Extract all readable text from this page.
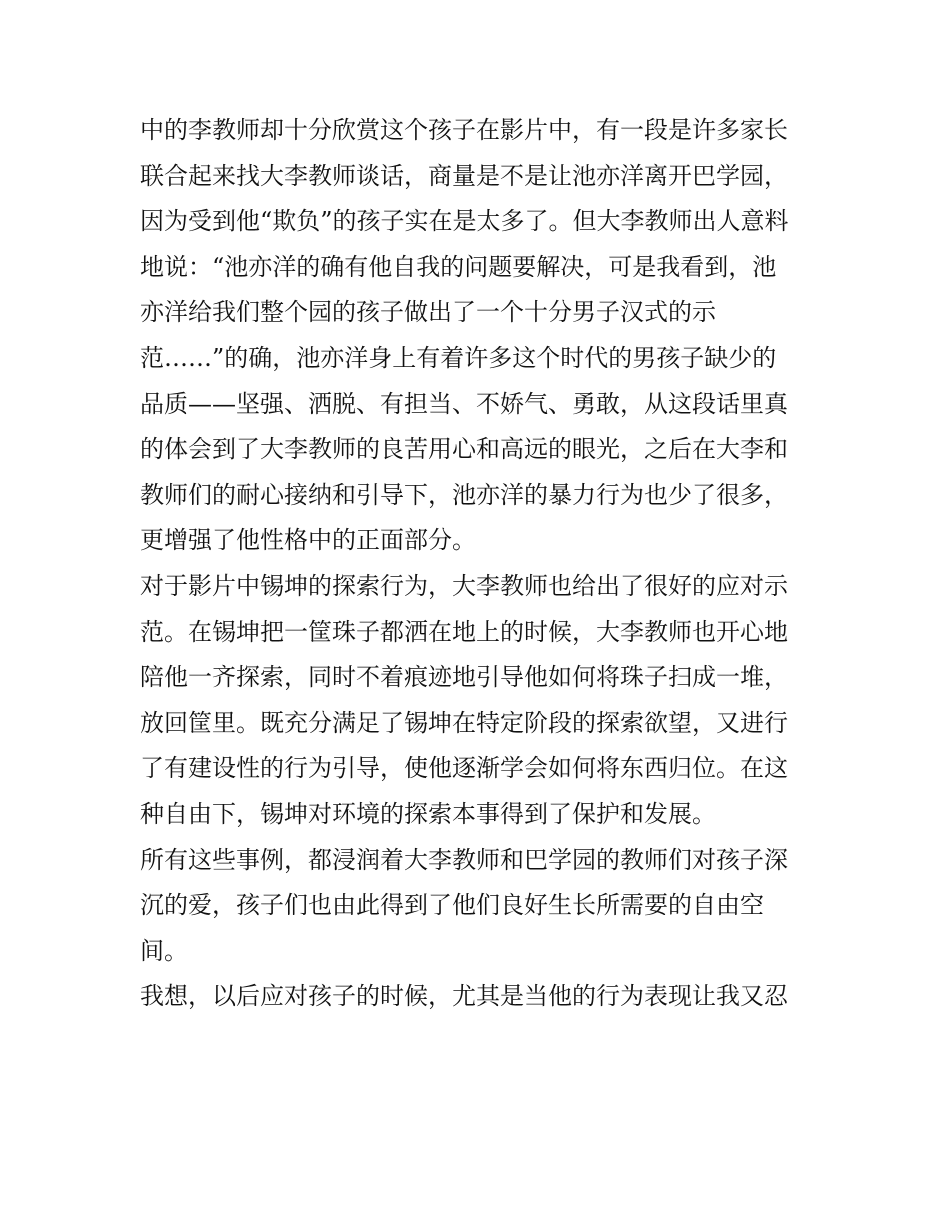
中的李教师却十分欣赏这个孩子在影片中，有一段是许多家长
联合起来找大李教师谈话，商量是不是让池亦洋离开巴学园，
因为受到他“欺负”的孩子实在是太多了。但大李教师出人意料
地说：“池亦洋的确有他自我的问题要解决，可是我看到，池
亦洋给我们整个园的孩子做出了一个十分男子汉式的示
范……”的确，池亦洋身上有着许多这个时代的男孩子缺少的
品质——坚强、洒脱、有担当、不娇气、勇敢，从这段话里真
的体会到了大李教师的良苦用心和高远的眼光，之后在大李和
教师们的耐心接纳和引导下，池亦洋的暴力行为也少了很多，
更增强了他性格中的正面部分。
对于影片中锡坤的探索行为，大李教师也给出了很好的应对示
范。在锡坤把一筐珠子都洒在地上的时候，大李教师也开心地
陪他一齐探索，同时不着痕迹地引导他如何将珠子扫成一堆，
放回筐里。既充分满足了锡坤在特定阶段的探索欲望，又进行
了有建设性的行为引导，使他逐渐学会如何将东西归位。在这
种自由下，锡坤对环境的探索本事得到了保护和发展。
所有这些事例，都浸润着大李教师和巴学园的教师们对孩子深
沉的爱，孩子们也由此得到了他们良好生长所需要的自由空
间。
我想，以后应对孩子的时候，尤其是当他的行为表现让我又忍
